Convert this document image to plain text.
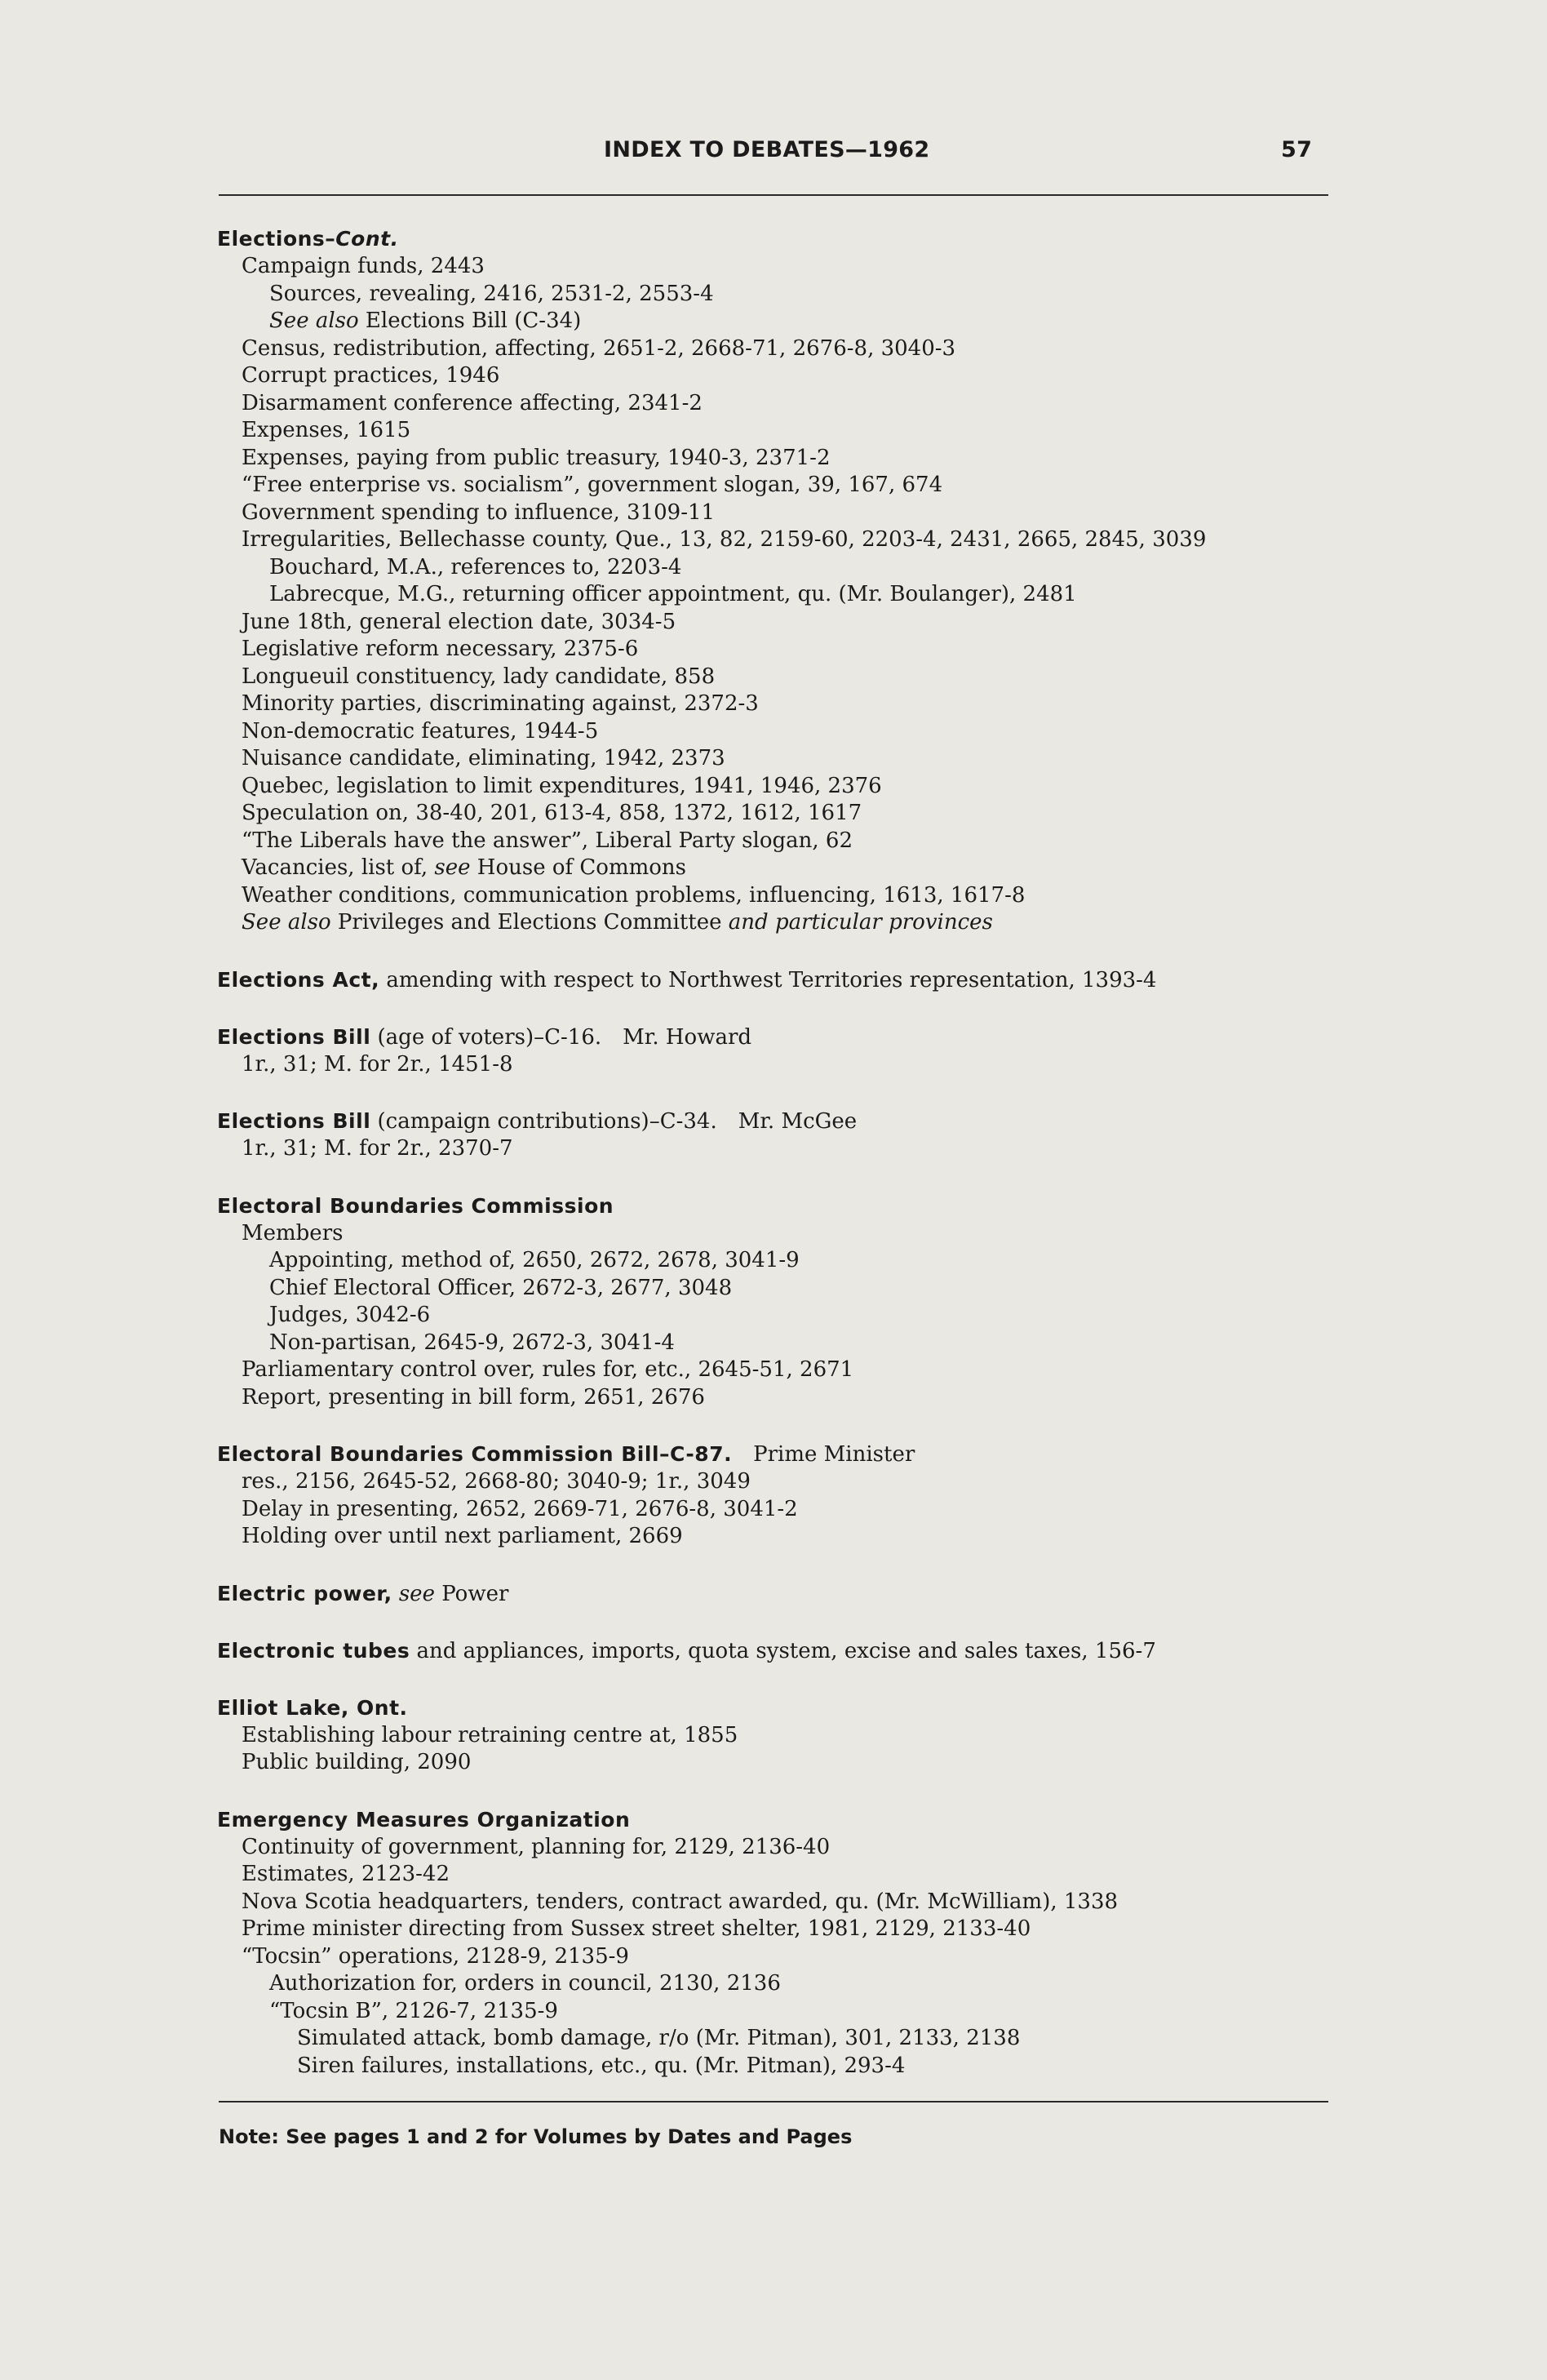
INDEX TO DEBATES—1962	57
Elections–Cont.
Campaign funds, 2443
Sources, revealing, 2416, 2531-2, 2553-4
See also Elections Bill (C-34)
Census, redistribution, affecting, 2651-2, 2668-71, 2676-8, 3040-3
Corrupt practices, 1946
Disarmament conference affecting, 2341-2
Expenses, 1615
Expenses, paying from public treasury, 1940-3, 2371-2
“Free enterprise vs. socialism”, government slogan, 39, 167, 674
Government spending to influence, 3109-11
Irregularities, Bellechasse county, Que., 13, 82, 2159-60, 2203-4, 2431, 2665, 2845, 3039
Bouchard, M.A., references to, 2203-4
Labrecque, M.G., returning officer appointment, qu. (Mr. Boulanger), 2481
June 18th, general election date, 3034-5
Legislative reform necessary, 2375-6
Longueuil constituency, lady candidate, 858
Minority parties, discriminating against, 2372-3
Non-democratic features, 1944-5
Nuisance candidate, eliminating, 1942, 2373
Quebec, legislation to limit expenditures, 1941, 1946, 2376
Speculation on, 38-40, 201, 613-4, 858, 1372, 1612, 1617
“The Liberals have the answer”, Liberal Party slogan, 62
Vacancies, list of, see House of Commons
Weather conditions, communication problems, influencing, 1613, 1617-8
See also Privileges and Elections Committee and particular provinces
Elections Act, amending with respect to Northwest Territories representation, 1393-4
Elections Bill (age of voters)–C-16. Mr. Howard
1r., 31; M. for 2r., 1451-8
Elections Bill (campaign contributions)–C-34. Mr. McGee
1r., 31; M. for 2r., 2370-7
Electoral Boundaries Commission
Members
Appointing, method of, 2650, 2672, 2678, 3041-9
Chief Electoral Officer, 2672-3, 2677, 3048
Judges, 3042-6
Non-partisan, 2645-9, 2672-3, 3041-4
Parliamentary control over, rules for, etc., 2645-51, 2671
Report, presenting in bill form, 2651, 2676
Electoral Boundaries Commission Bill–C-87. Prime Minister
res., 2156, 2645-52, 2668-80; 3040-9; 1r., 3049
Delay in presenting, 2652, 2669-71, 2676-8, 3041-2
Holding over until next parliament, 2669
Electric power, see Power
Electronic tubes and appliances, imports, quota system, excise and sales taxes, 156-7
Elliot Lake, Ont.
Establishing labour retraining centre at, 1855
Public building, 2090
Emergency Measures Organization
Continuity of government, planning for, 2129, 2136-40
Estimates, 2123-42
Nova Scotia headquarters, tenders, contract awarded, qu. (Mr. McWilliam), 1338
Prime minister directing from Sussex street shelter, 1981, 2129, 2133-40
“Tocsin” operations, 2128-9, 2135-9
Authorization for, orders in council, 2130, 2136
“Tocsin B”, 2126-7, 2135-9
Simulated attack, bomb damage, r/o (Mr. Pitman), 301, 2133, 2138
Siren failures, installations, etc., qu. (Mr. Pitman), 293-4
Note: See pages 1 and 2 for Volumes by Dates and Pages
